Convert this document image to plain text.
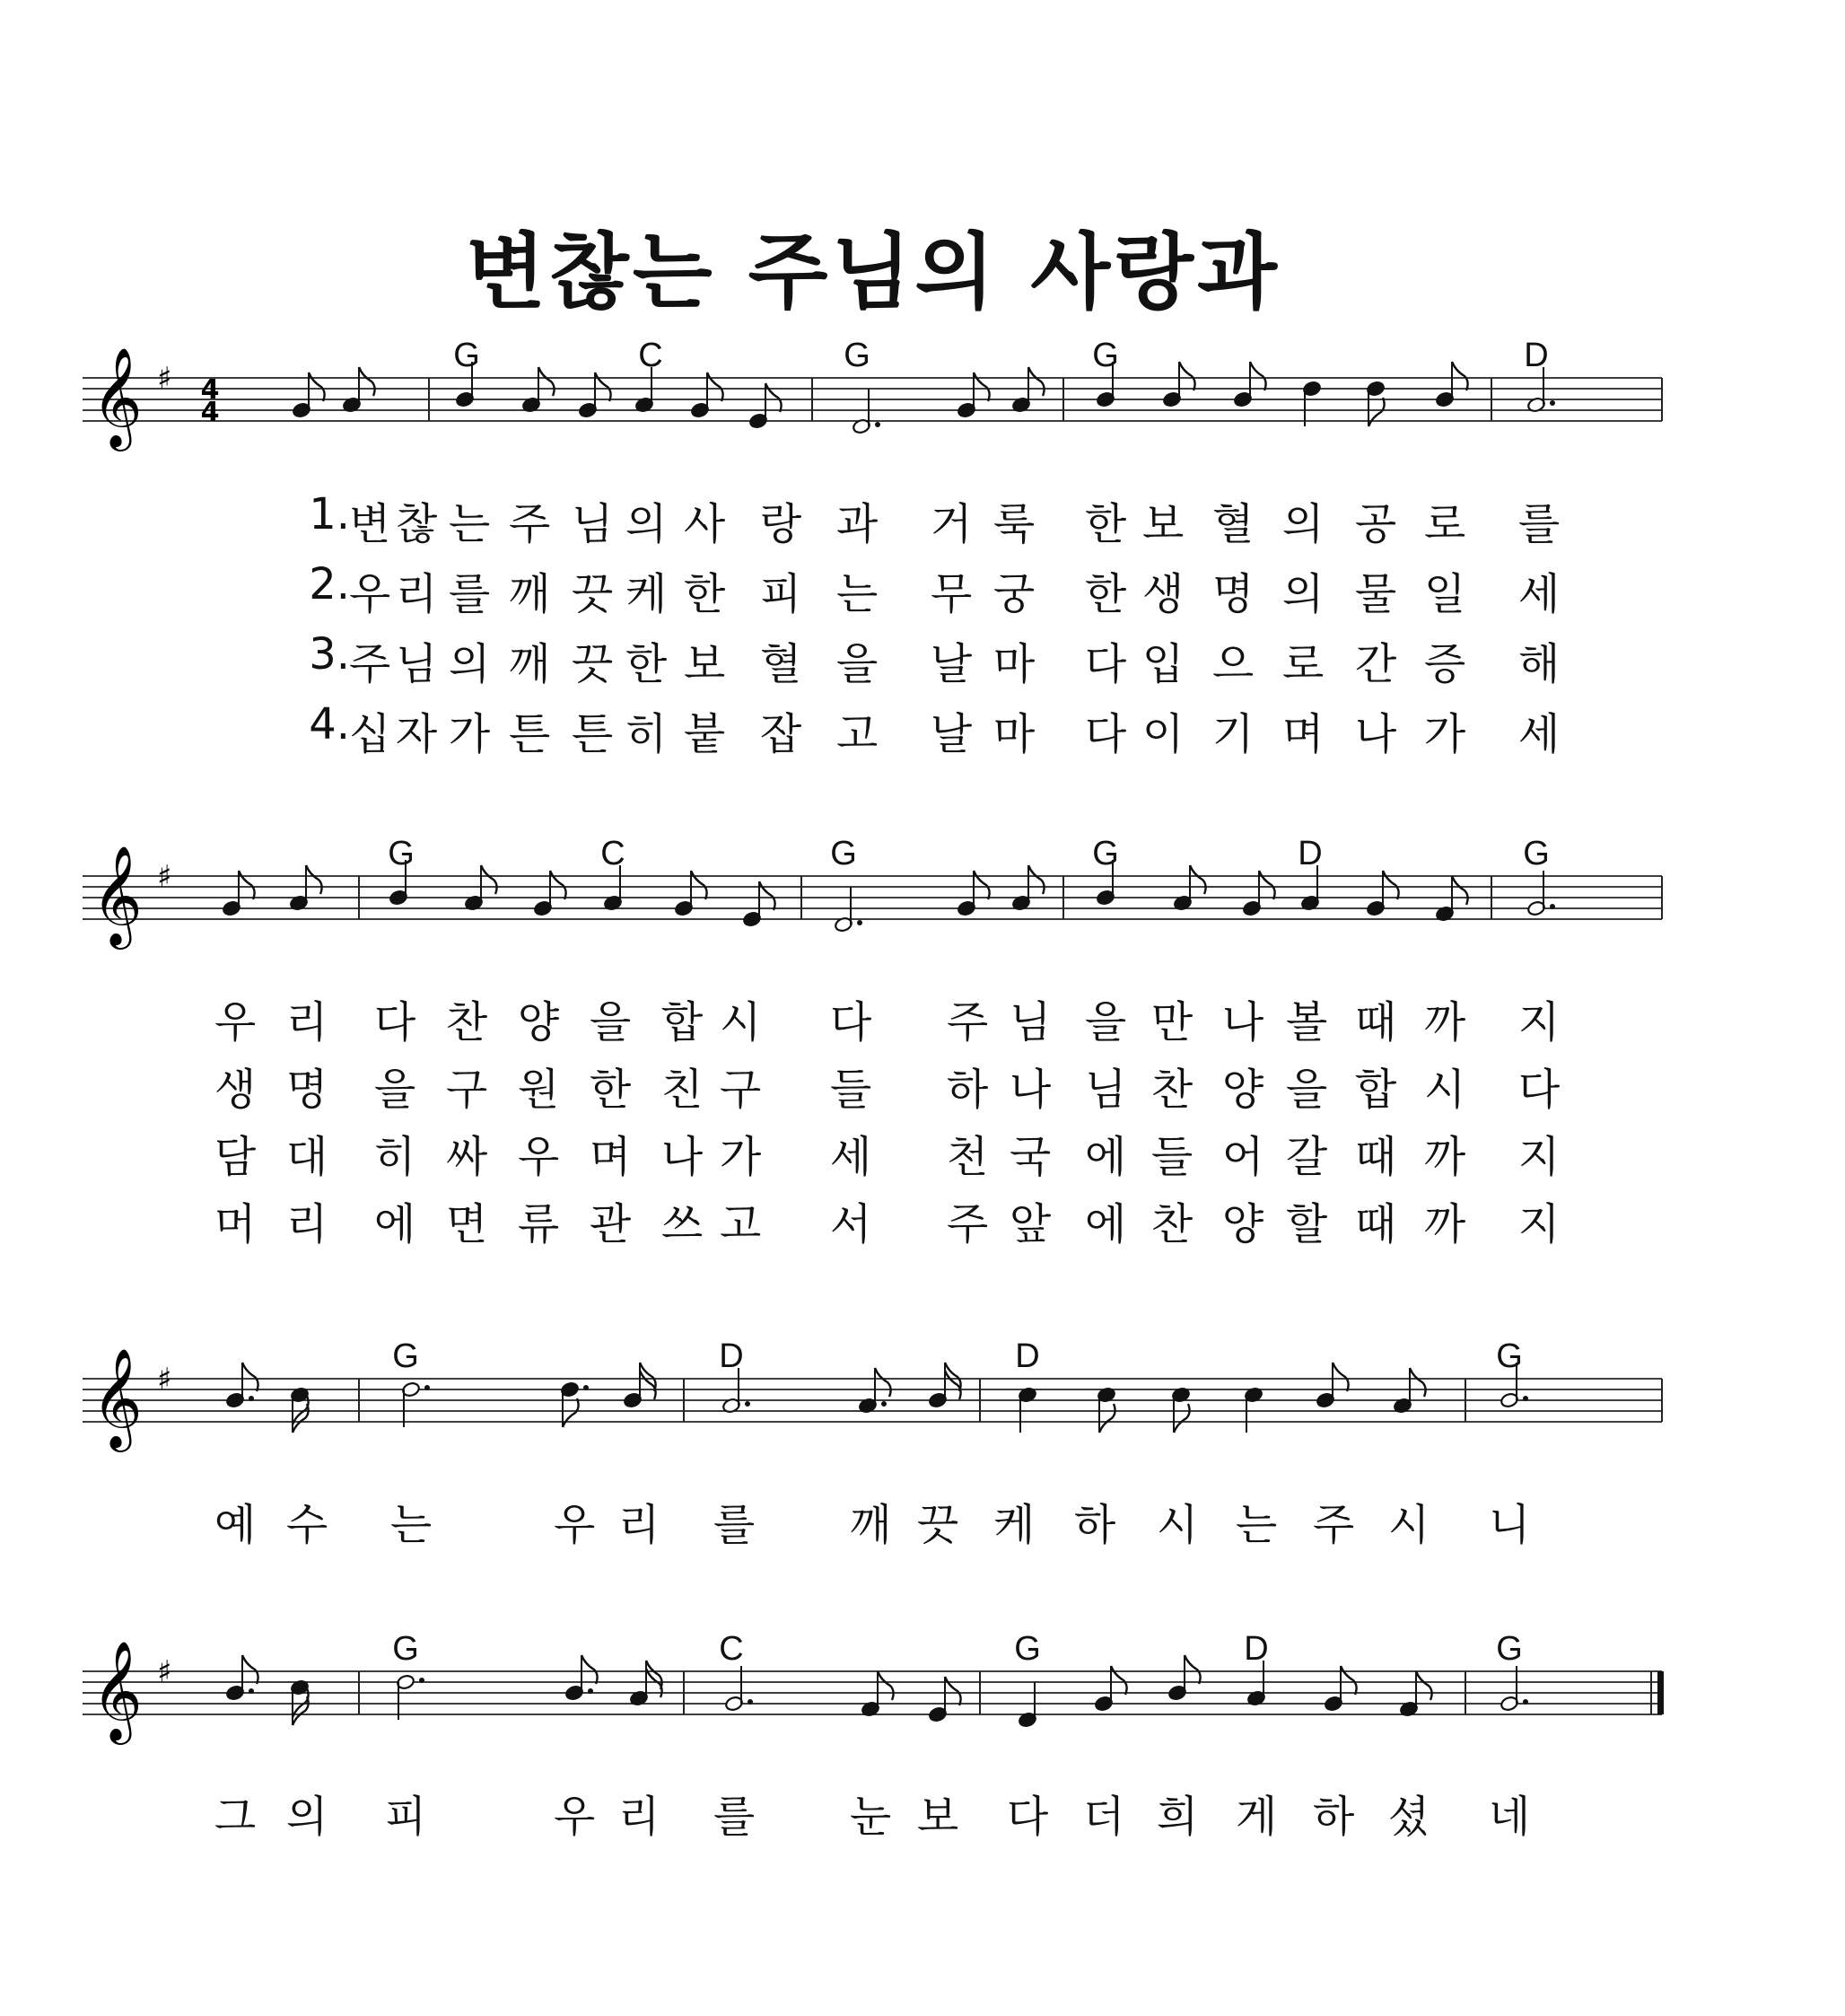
변찮는 주님의 사랑과
𝄞 ♯ 4
4
G	C	G	G	D
1.
변 찮 는 주 님 의 사 랑 과 거 룩 한 보 혈 의 공 로 를
2.
우 리 를 깨 끗 케 한 피 는 무 궁 한 생 명 의 물 일 세
3.
주 님 의 깨 끗 한 보 혈 을 날 마 다 입 으 로 간 증 해
4.
십 자 가 튼 튼 히 붙 잡 고 날 마 다 이 기 며 나 가 세
𝄞 ♯
G	C	G	G	D	G
우 리 다 찬 양 을 합 시 다 주 님 을 만 나 볼 때 까 지
생 명 을 구 원 한 친 구 들 하 나 님 찬 양 을 합 시 다
담 대 히 싸 우 며 나 가 세 천 국 에 들 어 갈 때 까 지
머 리 에 면 류 관 쓰 고 서 주 앞 에 찬 양 할 때 까 지
𝄞 ♯
G	D	D	G
예 수 는	우 리 를 깨 끗 케 하 시 는 주 시 니
𝄞 ♯
G	C	G	D	G
그 의 피	우 리 를 눈 보 다 더 희 게 하 셨 네
